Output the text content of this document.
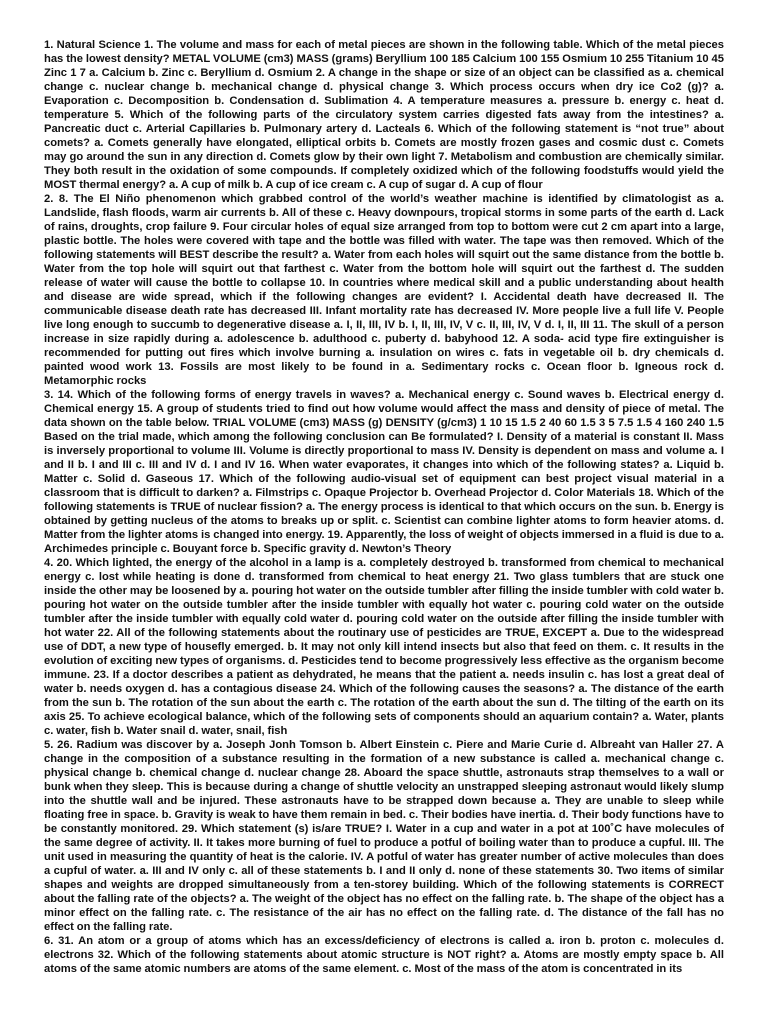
1. Natural Science 1. The volume and mass for each of metal pieces are shown in the following table. Which of the metal pieces has the lowest density? METAL VOLUME (cm3) MASS (grams) Beryllium 100 185 Calcium 100 155 Osmium 10 255 Titanium 10 45 Zinc 1 7 a. Calcium b. Zinc c. Beryllium d. Osmium 2. A change in the shape or size of an object can be classified as a. chemical change c. nuclear change b. mechanical change d. physical change 3. Which process occurs when dry ice Co2 (g)? a. Evaporation c. Decomposition b. Condensation d. Sublimation 4. A temperature measures a. pressure b. energy c. heat d. temperature 5. Which of the following parts of the circulatory system carries digested fats away from the intestines? a. Pancreatic duct c. Arterial Capillaries b. Pulmonary artery d. Lacteals 6. Which of the following statement is “not true” about comets? a. Comets generally have elongated, elliptical orbits b. Comets are mostly frozen gases and cosmic dust c. Comets may go around the sun in any direction d. Comets glow by their own light 7. Metabolism and combustion are chemically similar. They both result in the oxidation of some compounds. If completely oxidized which of the following foodstuffs would yield the MOST thermal energy? a. A cup of milk b. A cup of ice cream c. A cup of sugar d. A cup of flour

2. 8. The El Niño phenomenon which grabbed control of the world’s weather machine is identified by climatologist as a. Landslide, flash floods, warm air currents b. All of these c. Heavy downpours, tropical storms in some parts of the earth d. Lack of rains, droughts, crop failure 9. Four circular holes of equal size arranged from top to bottom were cut 2 cm apart into a large, plastic bottle. The holes were covered with tape and the bottle was filled with water. The tape was then removed. Which of the following statements will BEST describe the result? a. Water from each holes will squirt out the same distance from the bottle b. Water from the top hole will squirt out that farthest c. Water from the bottom hole will squirt out the farthest d. The sudden release of water will cause the bottle to collapse 10. In countries where medical skill and a public understanding about health and disease are wide spread, which if the following changes are evident? I. Accidental death have decreased II. The communicable disease death rate has decreased III. Infant mortality rate has decreased IV. More people live a full life V. People live long enough to succumb to degenerative disease a. I, II, III, IV b. I, II, III, IV, V c. II, III, IV, V d. I, II, III 11. The skull of a person increase in size rapidly during a. adolescence b. adulthood c. puberty d. babyhood 12. A soda- acid type fire extinguisher is recommended for putting out fires which involve burning a. insulation on wires c. fats in vegetable oil b. dry chemicals d. painted wood work 13. Fossils are most likely to be found in a. Sedimentary rocks c. Ocean floor b. Igneous rock d. Metamorphic rocks

3. 14. Which of the following forms of energy travels in waves? a. Mechanical energy c. Sound waves b. Electrical energy d. Chemical energy 15. A group of students tried to find out how volume would affect the mass and density of piece of metal. The data shown on the table below. TRIAL VOLUME (cm3) MASS (g) DENSITY (g/cm3) 1 10 15 1.5 2 40 60 1.5 3 5 7.5 1.5 4 160 240 1.5 Based on the trial made, which among the following conclusion can Be formulated? I. Density of a material is constant II. Mass is inversely proportional to volume III. Volume is directly proportional to mass IV. Density is dependent on mass and volume a. I and II b. I and III c. III and IV d. I and IV 16. When water evaporates, it changes into which of the following states? a. Liquid b. Matter c. Solid d. Gaseous 17. Which of the following audio-visual set of equipment can best project visual material in a classroom that is difficult to darken? a. Filmstrips c. Opaque Projector b. Overhead Projector d. Color Materials 18. Which of the following statements is TRUE of nuclear fission? a. The energy process is identical to that which occurs on the sun. b. Energy is obtained by getting nucleus of the atoms to breaks up or split. c. Scientist can combine lighter atoms to form heavier atoms. d. Matter from the lighter atoms is changed into energy. 19. Apparently, the loss of weight of objects immersed in a fluid is due to a. Archimedes principle c. Bouyant force b. Specific gravity d. Newton’s Theory

4. 20. Which lighted, the energy of the alcohol in a lamp is a. completely destroyed b. transformed from chemical to mechanical energy c. lost while heating is done d. transformed from chemical to heat energy 21. Two glass tumblers that are stuck one inside the other may be loosened by a. pouring hot water on the outside tumbler after filling the inside tumbler with cold water b. pouring hot water on the outside tumbler after the inside tumbler with equally hot water c. pouring cold water on the outside tumbler after the inside tumbler with equally cold water d. pouring cold water on the outside after filling the inside tumbler with hot water 22. All of the following statements about the routinary use of pesticides are TRUE, EXCEPT a. Due to the widespread use of DDT, a new type of housefly emerged. b. It may not only kill intend insects but also that feed on them. c. It results in the evolution of exciting new types of organisms. d. Pesticides tend to become progressively less effective as the organism become immune. 23. If a doctor describes a patient as dehydrated, he means that the patient a. needs insulin c. has lost a great deal of water b. needs oxygen d. has a contagious disease 24. Which of the following causes the seasons? a. The distance of the earth from the sun b. The rotation of the sun about the earth c. The rotation of the earth about the sun d. The tilting of the earth on its axis 25. To achieve ecological balance, which of the following sets of components should an aquarium contain? a. Water, plants c. water, fish b. Water snail d. water, snail, fish

5. 26. Radium was discover by a. Joseph Jonh Tomson b. Albert Einstein c. Piere and Marie Curie d. Albreaht van Haller 27. A change in the composition of a substance resulting in the formation of a new substance is called a. mechanical change c. physical change b. chemical change d. nuclear change 28. Aboard the space shuttle, astronauts strap themselves to a wall or bunk when they sleep. This is because during a change of shuttle velocity an unstrapped sleeping astronaut would likely slump into the shuttle wall and be injured. These astronauts have to be strapped down because a. They are unable to sleep while floating free in space. b. Gravity is weak to have them remain in bed. c. Their bodies have inertia. d. Their body functions have to be constantly monitored. 29. Which statement (s) is/are TRUE? I. Water in a cup and water in a pot at 100˚C have molecules of the same degree of activity. II. It takes more burning of fuel to produce a potful of boiling water than to produce a cupful. III. The unit used in measuring the quantity of heat is the calorie. IV. A potful of water has greater number of active molecules than does a cupful of water. a. III and IV only c. all of these statements b. I and II only d. none of these statements 30. Two items of similar shapes and weights are dropped simultaneously from a ten-storey building. Which of the following statements is CORRECT about the falling rate of the objects? a. The weight of the object has no effect on the falling rate. b. The shape of the object has a minor effect on the falling rate. c. The resistance of the air has no effect on the falling rate. d. The distance of the fall has no effect on the falling rate.

6. 31. An atom or a group of atoms which has an excess/deficiency of electrons is called a. iron b. proton c. molecules d. electrons 32. Which of the following statements about atomic structure is NOT right? a. Atoms are mostly empty space b. All atoms of the same atomic numbers are atoms of the same element. c. Most of the mass of the atom is concentrated in its
